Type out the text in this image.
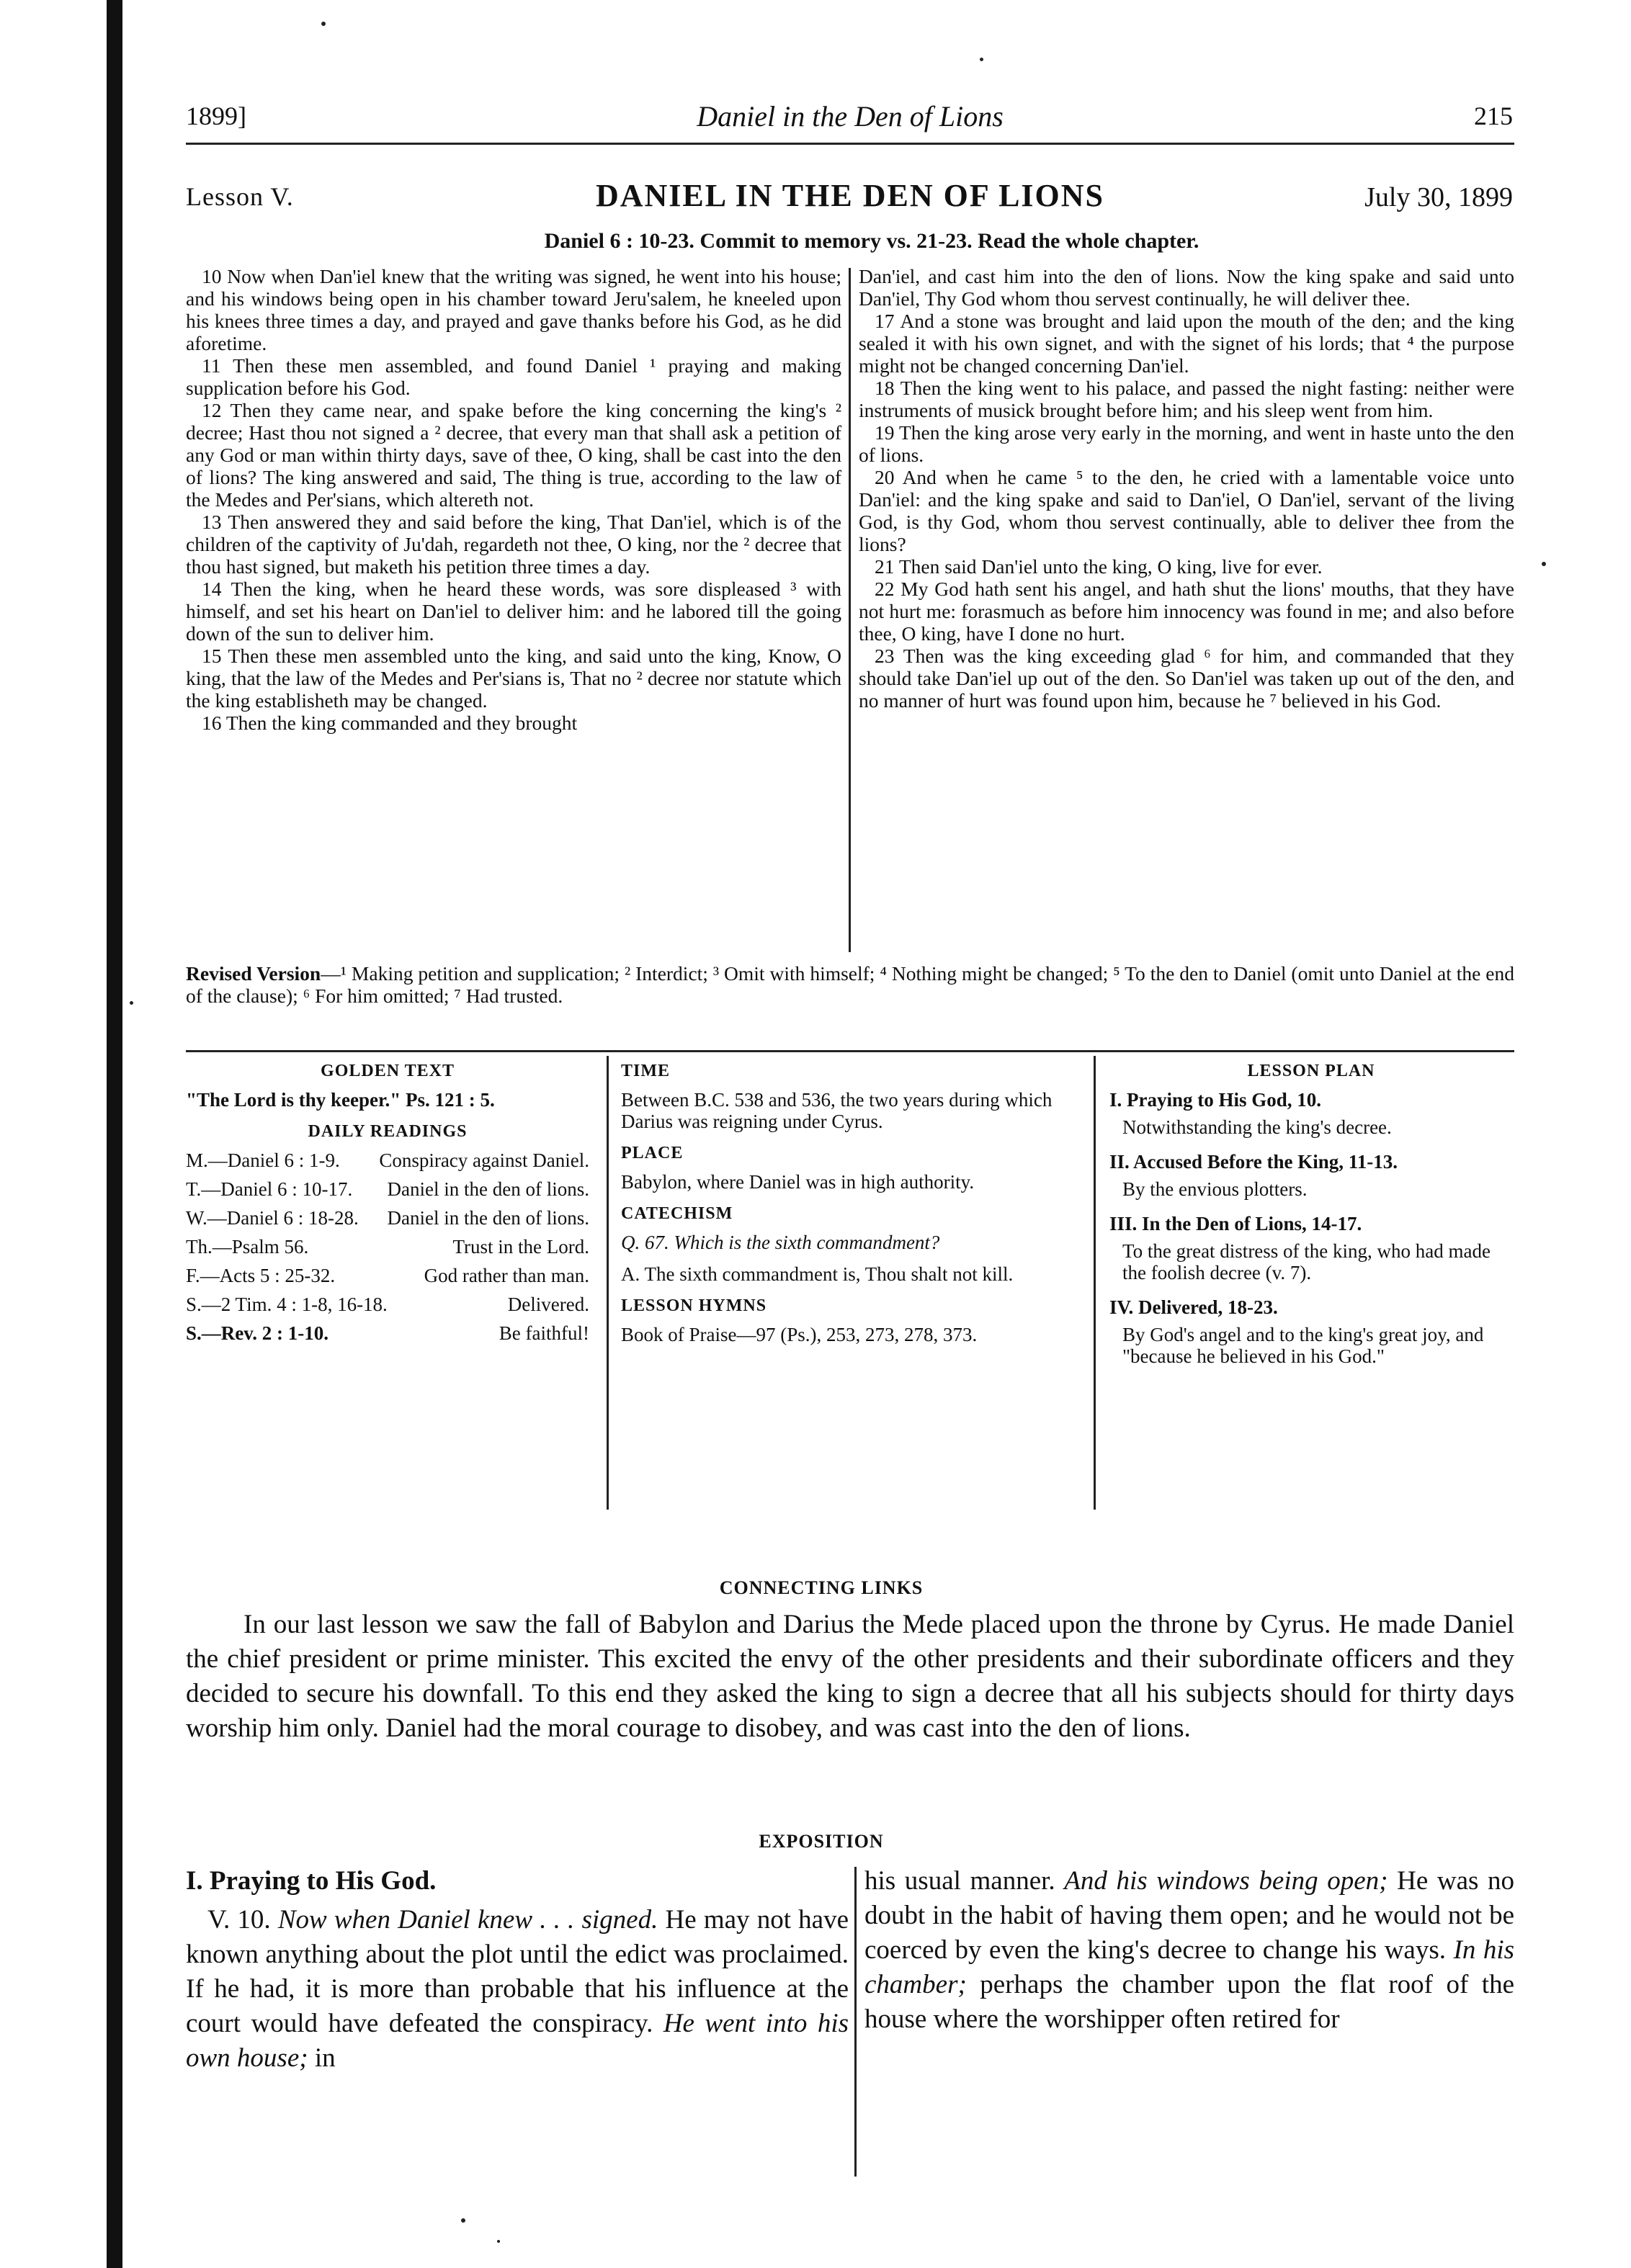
1899]	Daniel in the Den of Lions	215
Lesson V.	DANIEL IN THE DEN OF LIONS	July 30, 1899
Daniel 6 : 10-23. Commit to memory vs. 21-23. Read the whole chapter.

10 Now when Dan'iel knew that the writing was signed, he went into his house; and his windows being open in his chamber toward Jeru'salem, he kneeled upon his knees three times a day, and prayed and gave thanks before his God, as he did aforetime.

11 Then these men assembled, and found Daniel ¹ praying and making supplication before his God.

12 Then they came near, and spake before the king concerning the king's ² decree; Hast thou not signed a ² decree, that every man that shall ask a petition of any God or man within thirty days, save of thee, O king, shall be cast into the den of lions? The king answered and said, The thing is true, according to the law of the Medes and Per'sians, which altereth not.

13 Then answered they and said before the king, That Dan'iel, which is of the children of the captivity of Ju'dah, regardeth not thee, O king, nor the ² decree that thou hast signed, but maketh his petition three times a day.

14 Then the king, when he heard these words, was sore displeased ³ with himself, and set his heart on Dan'iel to deliver him: and he labored till the going down of the sun to deliver him.

15 Then these men assembled unto the king, and said unto the king, Know, O king, that the law of the Medes and Per'sians is, That no ² decree nor statute which the king establisheth may be changed.

16 Then the king commanded and they brought

Dan'iel, and cast him into the den of lions. Now the king spake and said unto Dan'iel, Thy God whom thou servest continually, he will deliver thee.

17 And a stone was brought and laid upon the mouth of the den; and the king sealed it with his own signet, and with the signet of his lords; that ⁴ the purpose might not be changed concerning Dan'iel.

18 Then the king went to his palace, and passed the night fasting: neither were instruments of musick brought before him; and his sleep went from him.

19 Then the king arose very early in the morning, and went in haste unto the den of lions.

20 And when he came ⁵ to the den, he cried with a lamentable voice unto Dan'iel: and the king spake and said to Dan'iel, O Dan'iel, servant of the living God, is thy God, whom thou servest continually, able to deliver thee from the lions?

21 Then said Dan'iel unto the king, O king, live for ever.

22 My God hath sent his angel, and hath shut the lions' mouths, that they have not hurt me: forasmuch as before him innocency was found in me; and also before thee, O king, have I done no hurt.

23 Then was the king exceeding glad ⁶ for him, and commanded that they should take Dan'iel up out of the den. So Dan'iel was taken up out of the den, and no manner of hurt was found upon him, because he ⁷ believed in his God.

Revised Version—¹ Making petition and supplication; ² Interdict; ³ Omit with himself; ⁴ Nothing might be changed; ⁵ To the den to Daniel (omit unto Daniel at the end of the clause); ⁶ For him omitted; ⁷ Had trusted.
GOLDEN TEXT

"The Lord is thy keeper." Ps. 121 : 5.

DAILY READINGS
M.—Daniel 6 : 1-9. Conspiracy against Daniel.
T.—Daniel 6 : 10-17. Daniel in the den of lions.
W.—Daniel 6 : 18-28. Daniel in the den of lions.
Th.—Psalm 56.	Trust in the Lord.
F.—Acts 5 : 25-32.	God rather than man.
S.—2 Tim. 4 : 1-8, 16-18.	Delivered.
S.—Rev. 2 : 1-10.	Be faithful!
TIME

Between B.C. 538 and 536, the two years during which Darius was reigning under Cyrus.

PLACE

Babylon, where Daniel was in high authority.

CATECHISM

Q. 67. Which is the sixth commandment?

A. The sixth commandment is, Thou shalt not kill.

LESSON HYMNS

Book of Praise—97 (Ps.), 253, 273, 278, 373.

LESSON PLAN
I. Praying to His God, 10.
Notwithstanding the king's decree.
II. Accused Before the King, 11-13.
By the envious plotters.
III. In the Den of Lions, 14-17.
To the great distress of the king, who had made the foolish decree (v. 7).
IV. Delivered, 18-23.
By God's angel and to the king's great joy, and "because he believed in his God."
CONNECTING LINKS
In our last lesson we saw the fall of Babylon and Darius the Mede placed upon the throne by Cyrus. He made Daniel the chief president or prime minister. This excited the envy of the other presidents and their subordinate officers and they decided to secure his downfall. To this end they asked the king to sign a decree that all his subjects should for thirty days worship him only. Daniel had the moral courage to disobey, and was cast into the den of lions.
EXPOSITION
I. Praying to His God.

V. 10. Now when Daniel knew . . . signed. He may not have known anything about the plot until the edict was proclaimed. If he had, it is more than probable that his influence at the court would have defeated the conspiracy. He went into his own house; in

his usual manner. And his windows being open; He was no doubt in the habit of having them open; and he would not be coerced by even the king's decree to change his ways. In his chamber; perhaps the chamber upon the flat roof of the house where the worshipper often retired for
